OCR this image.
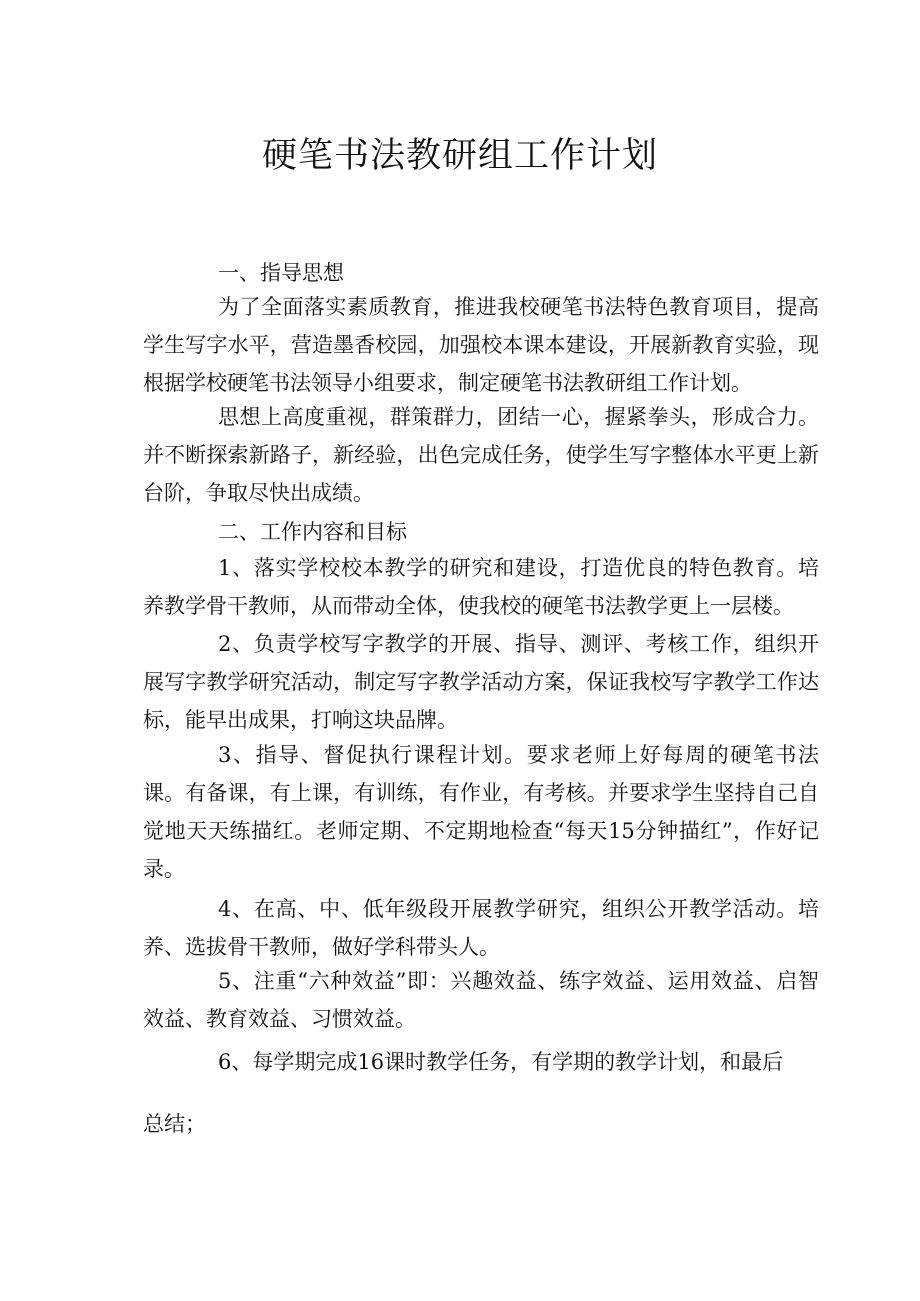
硬笔书法教研组工作计划

一、指导思想

为了全面落实素质教育，推进我校硬笔书法特色教育项目，提高学生写字水平，营造墨香校园，加强校本课本建设，开展新教育实验，现根据学校硬笔书法领导小组要求，制定硬笔书法教研组工作计划。

思想上高度重视，群策群力，团结一心，握紧拳头，形成合力。并不断探索新路子，新经验，出色完成任务，使学生写字整体水平更上新台阶，争取尽快出成绩。

二、工作内容和目标

1、落实学校校本教学的研究和建设，打造优良的特色教育。培养教学骨干教师，从而带动全体，使我校的硬笔书法教学更上一层楼。

2、负责学校写字教学的开展、指导、测评、考核工作，组织开展写字教学研究活动，制定写字教学活动方案，保证我校写字教学工作达标，能早出成果，打响这块品牌。

3、指导、督促执行课程计划。要求老师上好每周的硬笔书法课。有备课，有上课，有训练，有作业，有考核。并要求学生坚持自己自觉地天天练描红。老师定期、不定期地检查“每天15分钟描红”，作好记录。

4、在高、中、低年级段开展教学研究，组织公开教学活动。培养、选拔骨干教师，做好学科带头人。

5、注重“六种效益”即：兴趣效益、练字效益、运用效益、启智效益、教育效益、习惯效益。

6、每学期完成16课时教学任务，有学期的教学计划，和最后

总结；
